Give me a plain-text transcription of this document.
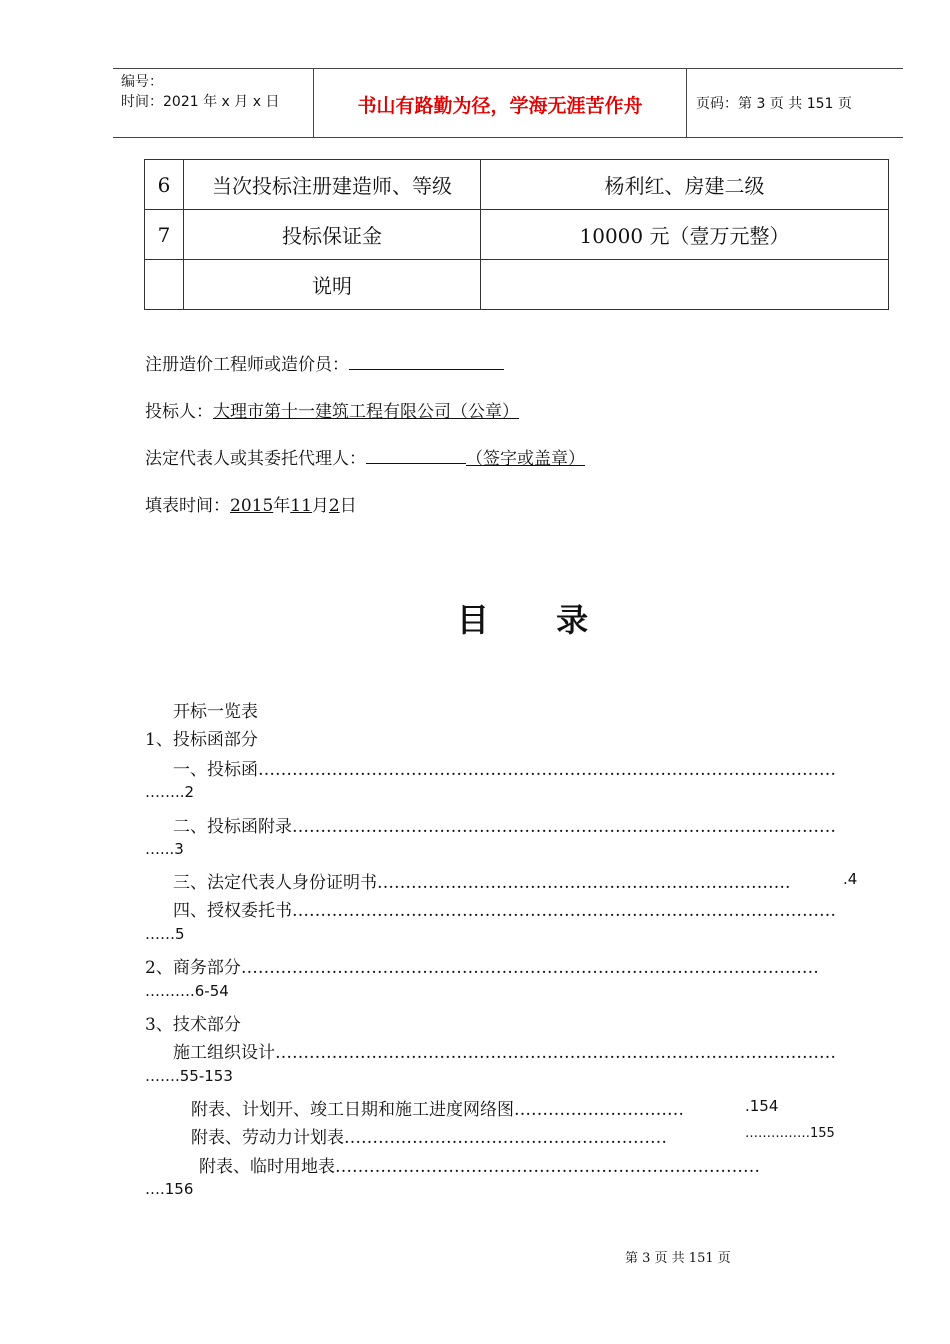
编号：
时间：2021 年 x 月 x 日	书山有路勤为径，学海无涯苦作舟	页码：第 3 页 共 151 页
6	当次投标注册建造师、等级	杨利红、房建二级
7	投标保证金	10000 元（壹万元整）
	说明	
注册造价工程师或造价员：
投标人：大理市第十一建筑工程有限公司（公章）
法定代表人或其委托代理人：	（签字或盖章）
填表时间：2015年11月2日
目 录
开标一览表
1、投标函部分
一、投标函…………………………………………………………………………………………
……..2
二、投标函附录……………………………………………………………………………………
…...3
三、法定代表人身份证明书……………………………………………………………….	.4
四、授权委托书……………………………………………………………………………………
……5
2、商务部分…………………………………………………………………………………………
……….6-54
3、技术部分
施工组织设计………………………………………………………………………………………
…….55-153
附表、计划开、竣工日期和施工进度网络图…………………………	.154
附表、劳动力计划表…………………………………………………	……………155
附表、临时用地表…………………………………………………………………
….156
第 3 页 共 151 页
